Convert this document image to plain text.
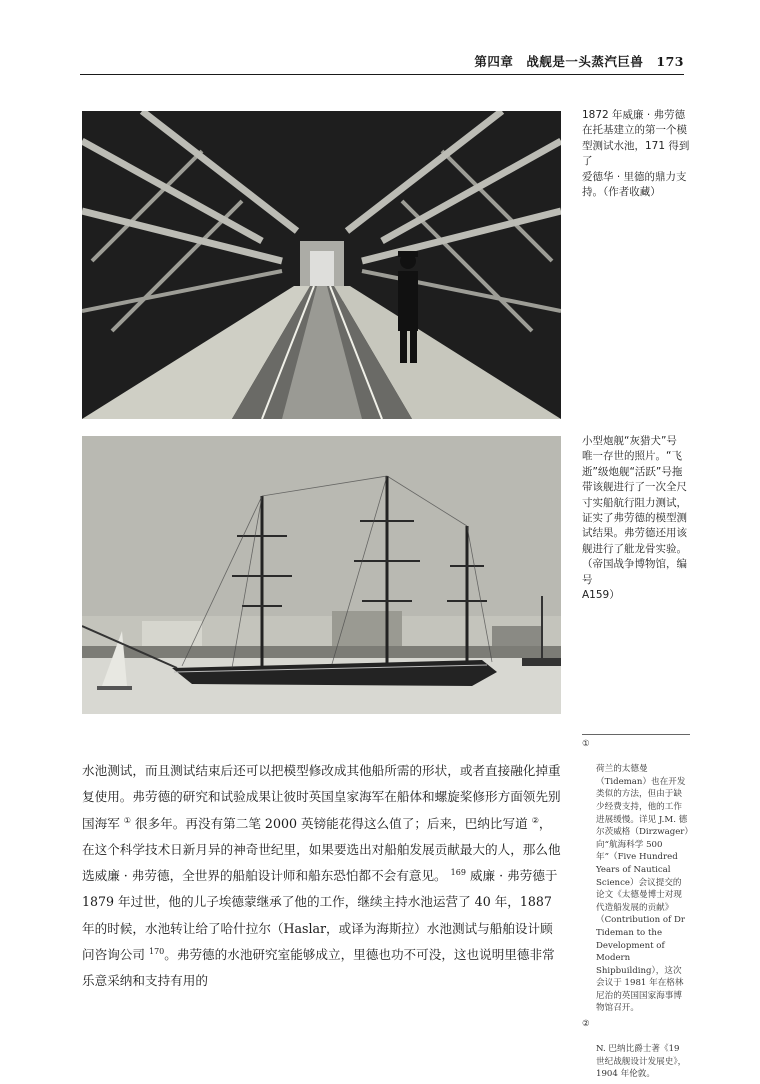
第四章　战舰是一头蒸汽巨兽　173
1872 年威廉 · 弗劳德
在托基建立的第一个模
型测试水池，171 得到了
爱德华 · 里德的鼎力支
持。（作者收藏）
小型炮舰“灰猎犬”号
唯一存世的照片。“飞
逝”级炮舰“活跃”号拖
带该舰进行了一次全尺
寸实船航行阻力测试，
证实了弗劳德的模型测
试结果。弗劳德还用该
舰进行了舭龙骨实验。
（帝国战争博物馆，编号
A159）

水池测试，而且测试结束后还可以把模型修改成其他船所需的形状，或者直接融化掉重复使用。弗劳德的研究和试验成果让彼时英国皇家海军在船体和螺旋桨修形方面领先别国海军 ① 很多年。再没有第二笔 2000 英镑能花得这么值了；后来，巴纳比写道 ②，在这个科学技术日新月异的神奇世纪里，如果要选出对船舶发展贡献最大的人，那么他选威廉 · 弗劳德，全世界的船舶设计师和船东恐怕都不会有意见。 $^{169}$ 威廉 · 弗劳德于 1879 年过世，他的儿子埃德蒙继承了他的工作，继续主持水池运营了 40 年，1887 年的时候，水池转让给了哈什拉尔（Haslar，或译为海斯拉）水池测试与船舶设计顾问咨询公司 $^{170}$。弗劳德的水池研究室能够成立，里德也功不可没，这也说明里德非常乐意采纳和支持有用的

①

荷兰的太德曼（Tideman）也在开发类似的方法，但由于缺少经费支持，他的工作进展缓慢。详见 J.M. 德尔茨威格（Dirzwager）向“航海科学 500 年”（Five Hundred Years of Nautical Science）会议提交的论文《太德曼博士对现代造船发展的贡献》（Contribution of Dr Tideman to the Development of Modern Shipbuilding），这次会议于 1981 年在格林尼治的英国国家海事博物馆召开。

②

N. 巴纳比爵士著《19 世纪战舰设计发展史》，1904 年伦敦。
